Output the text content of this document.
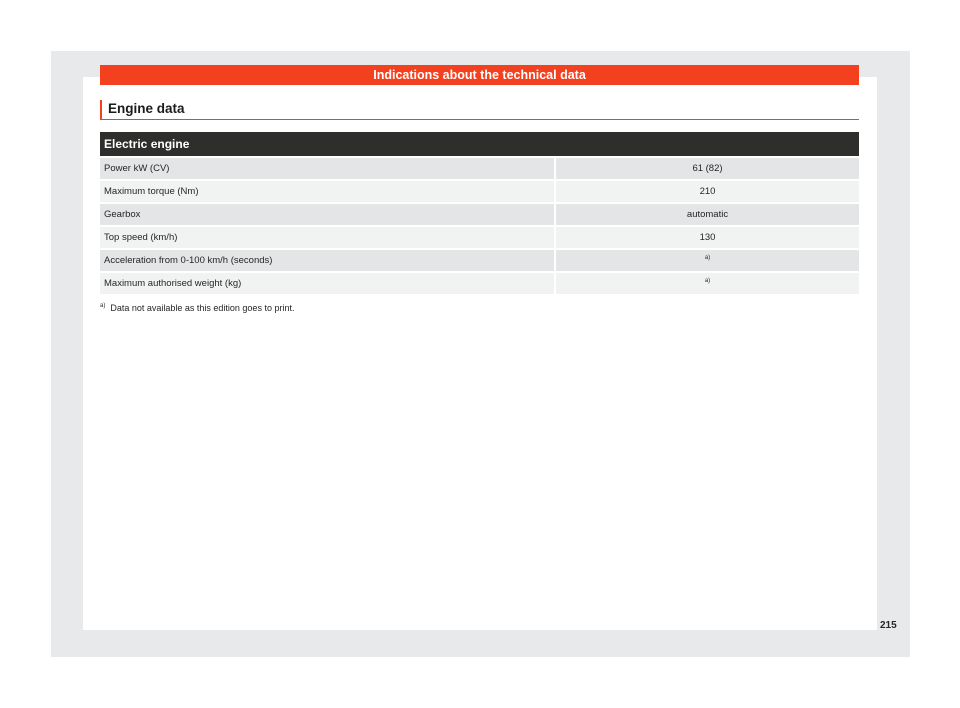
Indications about the technical data
Engine data
Electric engine
Power kW (CV)	61 (82)
Maximum torque (Nm)	210
Gearbox	automatic
Top speed (km/h)	130
Acceleration from 0-100 km/h (seconds)	$^{a)}$
Maximum authorised weight (kg)	$^{a)}$
$^{a)}$ Data not available as this edition goes to print.
215
